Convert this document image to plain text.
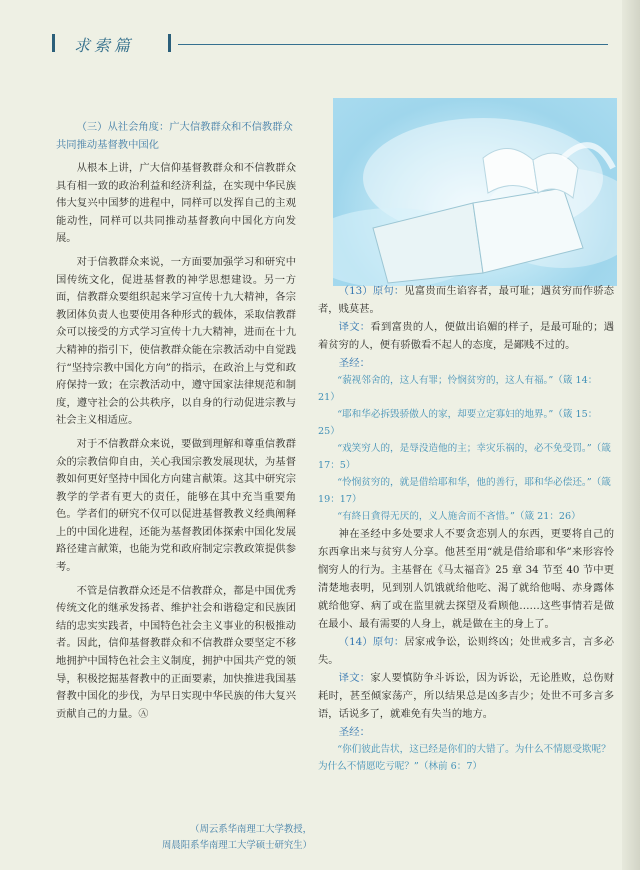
求索篇

（三）从社会角度：广大信教群众和不信教群众共同推动基督教中国化

从根本上讲，广大信仰基督教群众和不信教群众具有相一致的政治利益和经济利益，在实现中华民族伟大复兴中国梦的进程中，同样可以发挥自己的主观能动性，同样可以共同推动基督教向中国化方向发展。

对于信教群众来说，一方面要加强学习和研究中国传统文化，促进基督教的神学思想建设。另一方面，信教群众要组织起来学习宣传十九大精神，各宗教团体负责人也要使用各种形式的载体，采取信教群众可以接受的方式学习宣传十九大精神，进而在十九大精神的指引下，使信教群众能在宗教活动中自觉践行“坚持宗教中国化方向”的指示，在政治上与党和政府保持一致；在宗教活动中，遵守国家法律规范和制度，遵守社会的公共秩序，以自身的行动促进宗教与社会主义相适应。

对于不信教群众来说，要做到理解和尊重信教群众的宗教信仰自由，关心我国宗教发展现状，为基督教如何更好坚持中国化方向建言献策。这其中研究宗教学的学者有更大的责任，能够在其中充当重要角色。学者们的研究不仅可以促进基督教教义经典阐释上的中国化进程，还能为基督教团体探索中国化发展路径建言献策，也能为党和政府制定宗教政策提供参考。

不管是信教群众还是不信教群众，都是中国优秀传统文化的继承发扬者、维护社会和谐稳定和民族团结的忠实实践者，中国特色社会主义事业的积极推动者。因此，信仰基督教群众和不信教群众要坚定不移地拥护中国特色社会主义制度，拥护中国共产党的领导，积极挖掘基督教中的正面要素，加快推进我国基督教中国化的步伐，为早日实现中华民族的伟大复兴贡献自己的力量。Ⓐ

（周云系华南理工大学教授，
周晨阳系华南理工大学硕士研究生）

（13）原句：见富贵而生谄容者，最可耻；遇贫穷而作骄态者，贱莫甚。

译文：看到富贵的人，便做出谄媚的样子，是最可耻的；遇着贫穷的人，便有骄傲看不起人的态度，是鄙贱不过的。

圣经：

“藐视邻舍的，这人有罪；怜悯贫穷的，这人有福。”（箴 14：21）

“耶和华必拆毁骄傲人的家，却要立定寡妇的地界。”（箴 15：25）

“戏笑穷人的，是辱没造他的主；幸灾乐祸的，必不免受罚。”（箴 17：5）

“怜悯贫穷的，就是借给耶和华，他的善行，耶和华必偿还。”（箴 19：17）

“有終日貪得无厌的，义人施舍而不吝惜。”（箴 21：26）

神在圣经中多处要求人不要贪恋别人的东西，更要将自己的东西拿出来与贫穷人分享。他甚至用“就是借给耶和华”来形容怜悯穷人的行为。主基督在《马太福音》25 章 34 节至 40 节中更清楚地表明，见到别人饥饿就给他吃、渴了就给他喝、赤身露体就给他穿、病了或在监里就去探望及看顾他……这些事情若是做在最小、最有需要的人身上，就是做在主的身上了。

（14）原句：居家戒争讼，讼则终凶；处世戒多言，言多必失。

译文：家人要慎防争斗诉讼，因为诉讼，无论胜败，总伤财耗时，甚至倾家荡产，所以结果总是凶多吉少；处世不可多言多语，话说多了，就难免有失当的地方。

圣经：

“你们彼此告状，这已经是你们的大错了。为什么不情愿受欺呢？为什么不情愿吃亏呢？”（林前 6：7）
